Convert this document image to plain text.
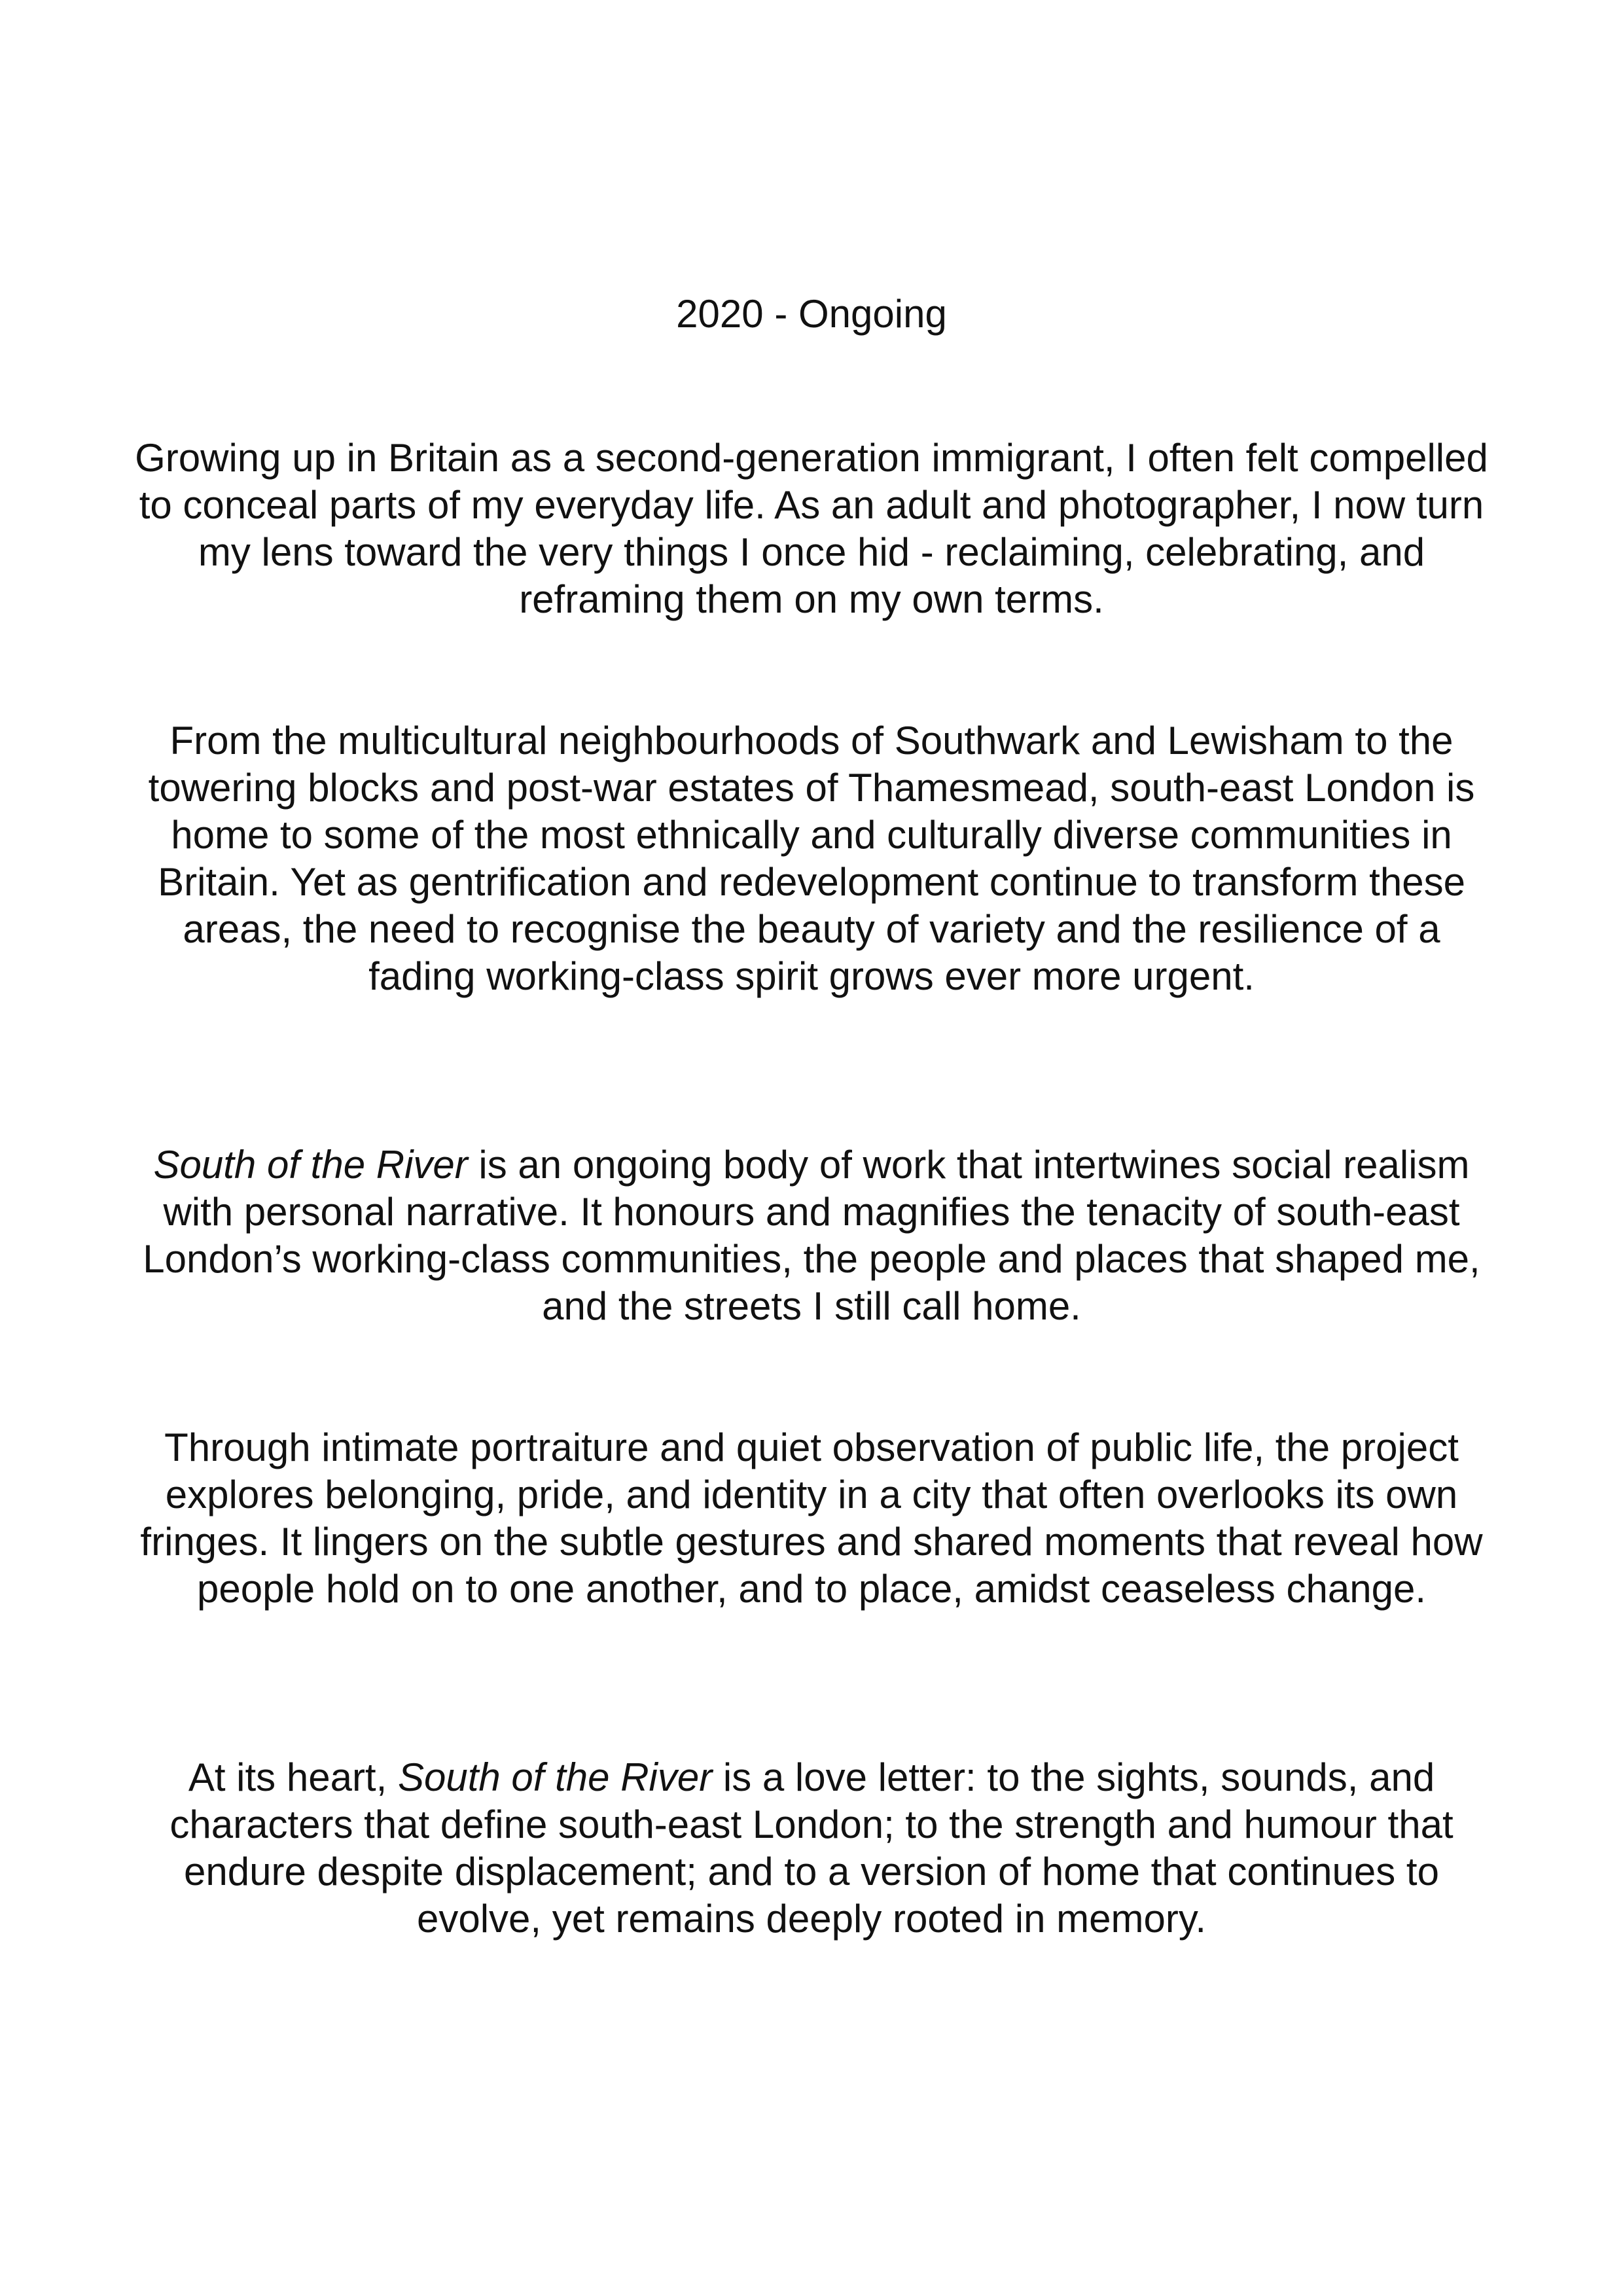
2020 - Ongoing

Growing up in Britain as a second-generation immigrant, I often felt compelled to conceal parts of my everyday life. As an adult and photographer, I now turn my lens toward the very things I once hid - reclaiming, celebrating, and reframing them on my own terms.

From the multicultural neighbourhoods of Southwark and Lewisham to the towering blocks and post-war estates of Thamesmead, south-east London is home to some of the most ethnically and culturally diverse communities in Britain. Yet as gentrification and redevelopment continue to transform these areas, the need to recognise the beauty of variety and the resilience of a fading working-class spirit grows ever more urgent.

South of the River is an ongoing body of work that intertwines social realism with personal narrative. It honours and magnifies the tenacity of south-east London’s working-class communities, the people and places that shaped me, and the streets I still call home.

Through intimate portraiture and quiet observation of public life, the project explores belonging, pride, and identity in a city that often overlooks its own fringes. It lingers on the subtle gestures and shared moments that reveal how people hold on to one another, and to place, amidst ceaseless change.

At its heart, South of the River is a love letter: to the sights, sounds, and characters that define south-east London; to the strength and humour that endure despite displacement; and to a version of home that continues to evolve, yet remains deeply rooted in memory.
